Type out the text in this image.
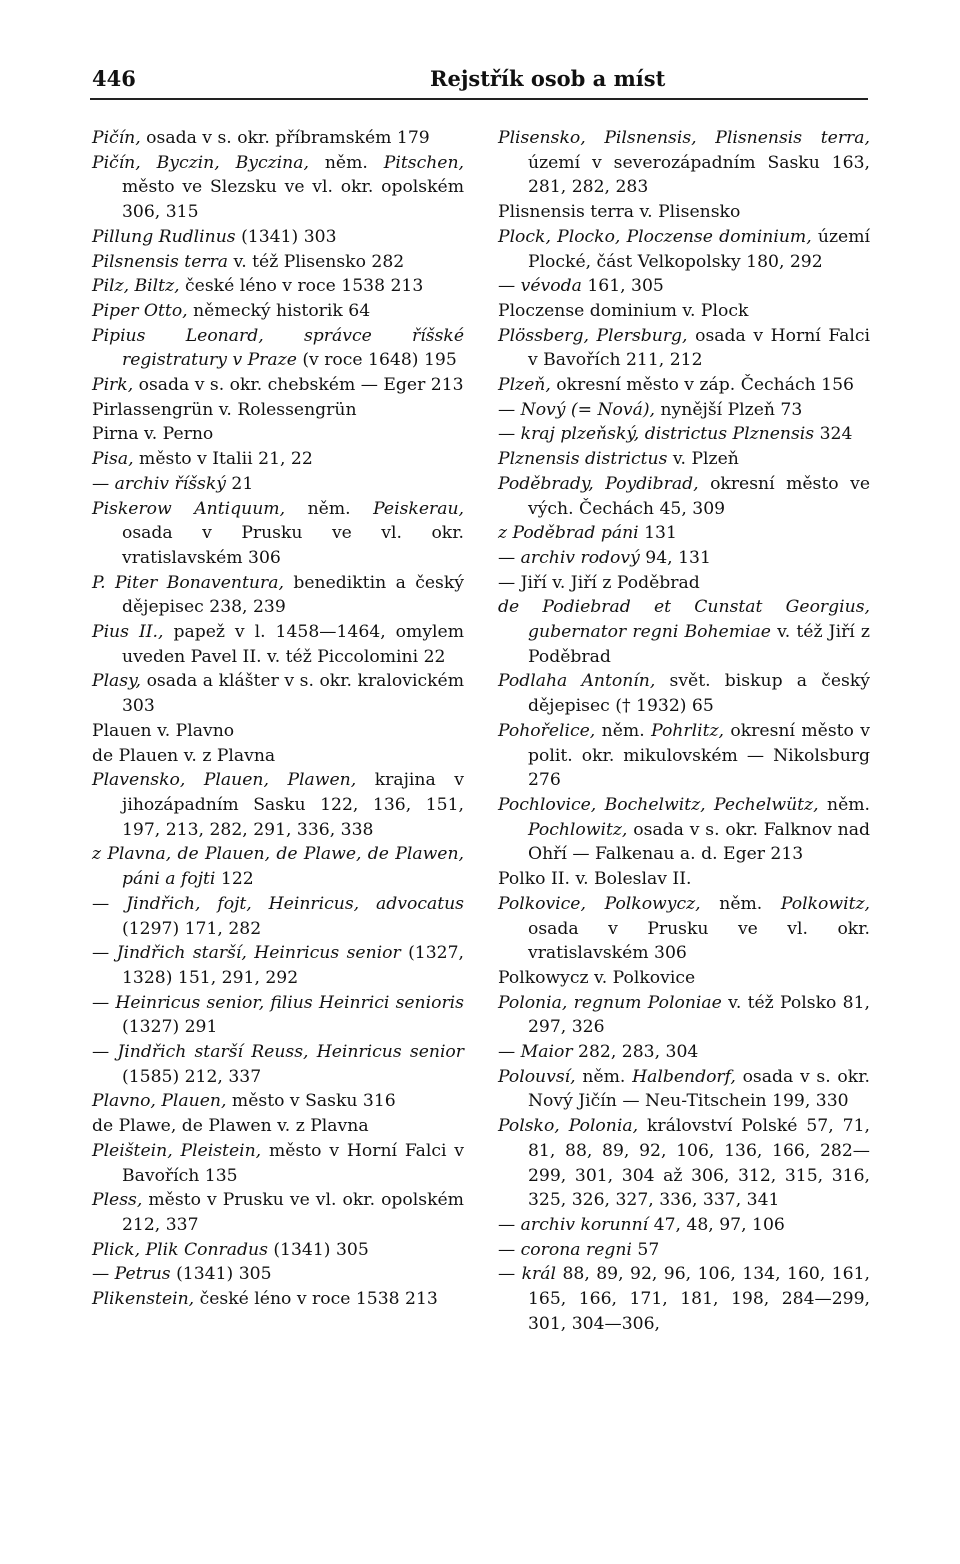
446	Rejstřík osob a míst
Pičín, osada v s. okr. příbramském 179
Pičín, Byczin, Byczina, něm. Pitschen, město ve Slezsku ve vl. okr. opolském 306, 315
Pillung Rudlinus (1341) 303
Pilsnensis terra v. též Plisensko 282
Pilz, Biltz, české léno v roce 1538 213
Piper Otto, německý historik 64
Pipius Leonard, správce říšské registratury v Praze (v roce 1648) 195
Pirk, osada v s. okr. chebském — Eger 213
Pirlassengrün v. Rolessengrün
Pirna v. Perno
Pisa, město v Italii 21, 22
— archiv říšský 21
Piskerow Antiquum, něm. Peiskerau, osada v Prusku ve vl. okr. vratislavském 306
P. Piter Bonaventura, benediktin a český dějepisec 238, 239
Pius II., papež v l. 1458—1464, omylem uveden Pavel II. v. též Piccolomini 22
Plasy, osada a klášter v s. okr. kralovickém 303
Plauen v. Plavno
de Plauen v. z Plavna
Plavensko, Plauen, Plawen, krajina v jihozápadním Sasku 122, 136, 151, 197, 213, 282, 291, 336, 338
z Plavna, de Plauen, de Plawe, de Plawen, páni a fojti 122
— Jindřich, fojt, Heinricus, advocatus (1297) 171, 282
— Jindřich starší, Heinricus senior (1327, 1328) 151, 291, 292
— Heinricus senior, filius Heinrici senioris (1327) 291
— Jindřich starší Reuss, Heinricus senior (1585) 212, 337
Plavno, Plauen, město v Sasku 316
de Plawe, de Plawen v. z Plavna
Pleištein, Pleistein, město v Horní Falci v Bavořích 135
Pless, město v Prusku ve vl. okr. opolském 212, 337
Plick, Plik Conradus (1341) 305
— Petrus (1341) 305
Plikenstein, české léno v roce 1538 213
Plisensko, Pilsnensis, Plisnensis terra, území v severozápadním Sasku 163, 281, 282, 283
Plisnensis terra v. Plisensko
Plock, Plocko, Ploczense dominium, území Plocké, část Velkopolsky 180, 292
— vévoda 161, 305
Ploczense dominium v. Plock
Plössberg, Plersburg, osada v Horní Falci v Bavořích 211, 212
Plzeň, okresní město v záp. Čechách 156
— Nový (= Nová), nynější Plzeň 73
— kraj plzeňský, districtus Plznensis 324
Plznensis districtus v. Plzeň
Poděbrady, Poydibrad, okresní město ve vých. Čechách 45, 309
z Poděbrad páni 131
— archiv rodový 94, 131
— Jiří v. Jiří z Poděbrad
de Podiebrad et Cunstat Georgius, gubernator regni Bohemiae v. též Jiří z Poděbrad
Podlaha Antonín, svět. biskup a český dějepisec († 1932) 65
Pohořelice, něm. Pohrlitz, okresní město v polit. okr. mikulovském — Nikolsburg 276
Pochlovice, Bochelwitz, Pechelwütz, něm. Pochlowitz, osada v s. okr. Falknov nad Ohří — Falkenau a. d. Eger 213
Polko II. v. Boleslav II.
Polkovice, Polkowycz, něm. Polkowitz, osada v Prusku ve vl. okr. vratislavském 306
Polkowycz v. Polkovice
Polonia, regnum Poloniae v. též Polsko 81, 297, 326
— Maior 282, 283, 304
Polouvsí, něm. Halbendorf, osada v s. okr. Nový Jičín — Neu-Titschein 199, 330
Polsko, Polonia, království Polské 57, 71, 81, 88, 89, 92, 106, 136, 166, 282—299, 301, 304 až 306, 312, 315, 316, 325, 326, 327, 336, 337, 341
— archiv korunní 47, 48, 97, 106
— corona regni 57
— král 88, 89, 92, 96, 106, 134, 160, 161, 165, 166, 171, 181, 198, 284—299, 301, 304—306,
